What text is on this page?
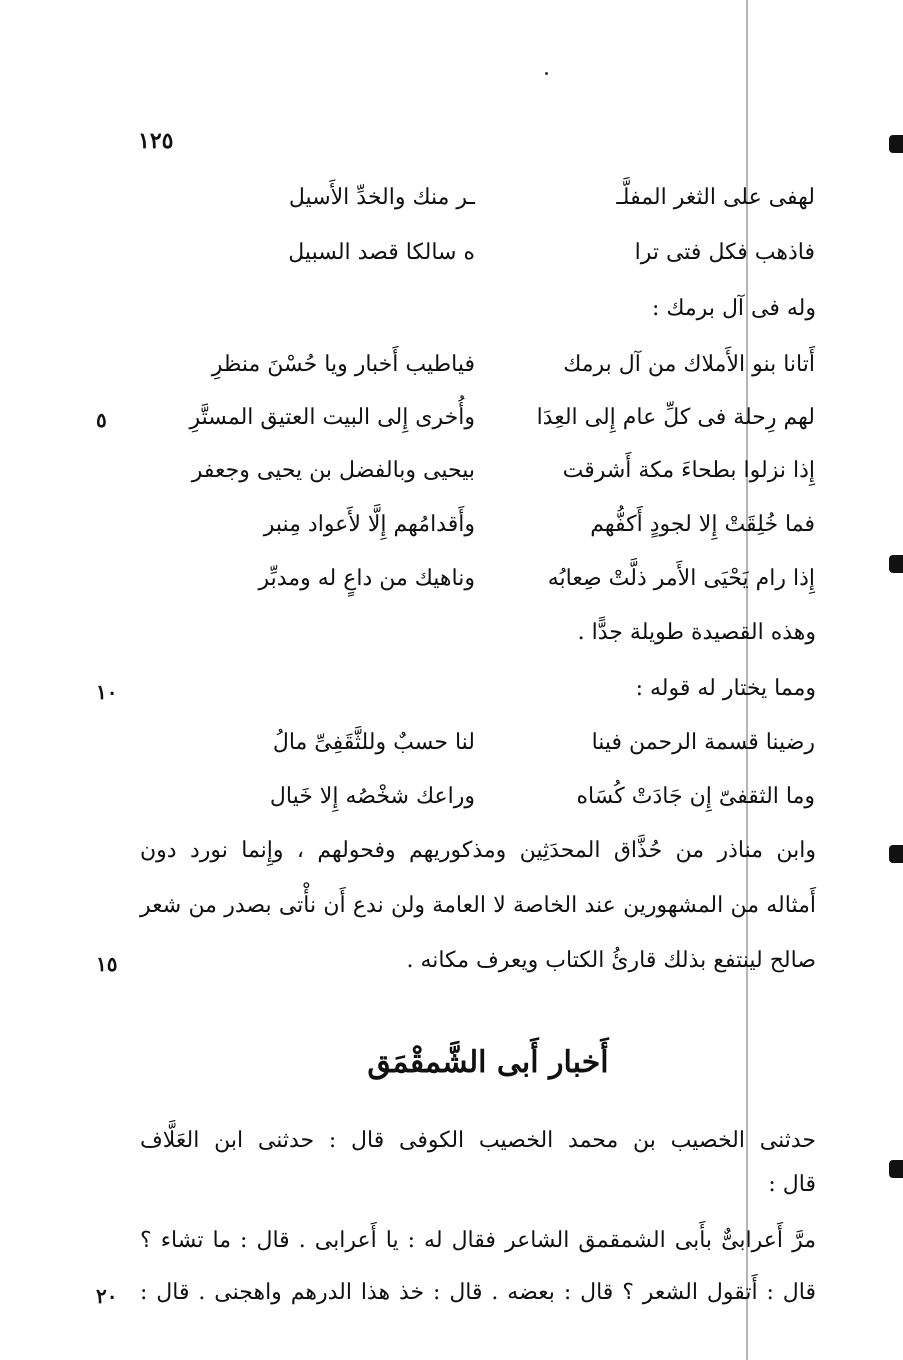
١٢٥
لهفى على الثغر المفلَّـ
ـر منك والخدِّ الأَسيل
فاذهب فكل فتى ترا
ه سالكا قصد السبيل
وله فى آل برمك :
أَتانا بنو الأَملاك من آل برمك
فياطيب أَخبار ويا حُسْنَ منظرِ
لهم رِحلة فى كلِّ عام إِلى العِدَا
وأُخرى إِلى البيت العتيق المستَّرِ
٥
إِذا نزلوا بطحاءَ مكة أَشرقت
بيحيى وبالفضل بن يحيى وجعفر
فما خُلِقَتْ إِلا لجودٍ أَكفُّهم
وأَقدامُهم إِلَّا لأَعواد مِنبر
إِذا رام يَحْيَى الأَمر ذلَّتْ صِعابُه
وناهيك من داعٍ له ومدبِّر
وهذه القصيدة طويلة جدًّا .
ومما يختار له قوله :
١٠
رضينا قسمة الرحمن فينا
لنا حسبٌ وللثَّقَفِىِّ مالُ
وما الثقفىّ إِن جَادَتْ كُسَاه
وراعك شخْصُه إِلا خَيال
وابن مناذر من حُذَّاق المحدَثِين ومذكوريهم وفحولهم ، وإِنما نورد دون
أَمثاله من المشهورين عند الخاصة لا العامة ولن ندع أَن نأْتى بصدر من شعر
صالح لينتفع بذلك قارئُ الكتاب ويعرف مكانه .
١٥
أَخبار أَبى الشَّمقْمَق
حدثنى الخصيب بن محمد الخصيب الكوفى قال : حدثنى ابن العَلَّاف
قال :
مرَّ أَعرابىٌّ بأَبى الشمقمق الشاعر فقال له : يا أَعرابى . قال : ما تشاء ؟
قال : أَتقول الشعر ؟ قال : بعضه . قال : خذ هذا الدرهم واهجنى . قال :
٢٠
